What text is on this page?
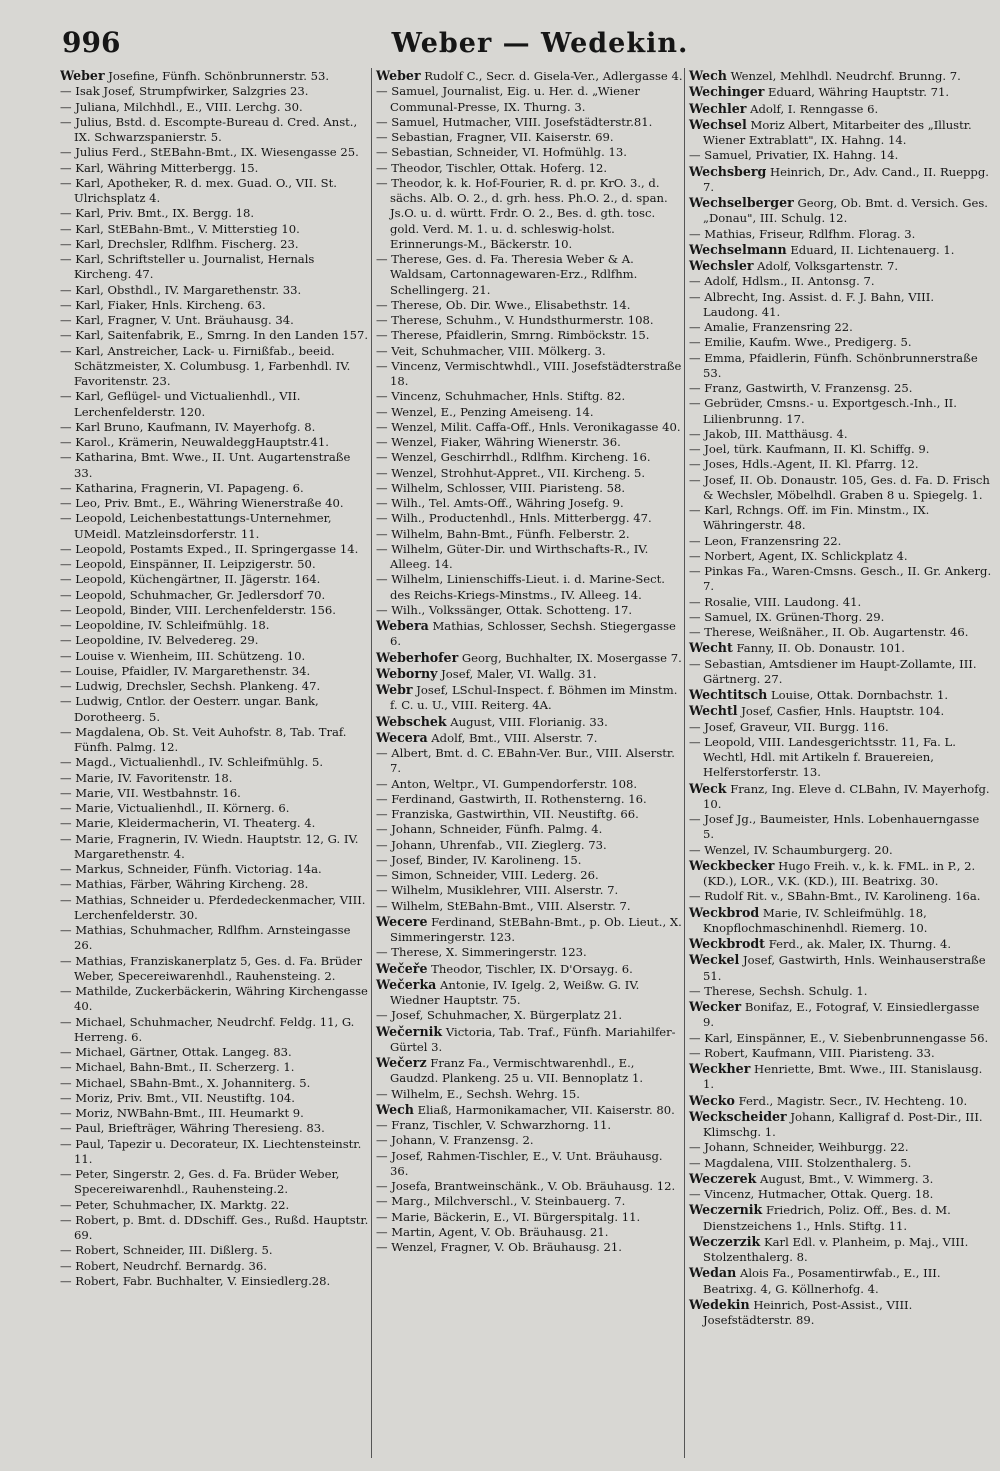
996	Weber — Wedekin.

Weber Josefine, Fünfh. Schönbrunnerstr. 53.

— Isak Josef, Strumpfwirker, Salzgries 23.

— Juliana, Milchhdl., E., VIII. Lerchg. 30.

— Julius, Bstd. d. Escompte-Bureau d. Cred. Anst., IX. Schwarzspanierstr. 5.

— Julius Ferd., StEBahn-Bmt., IX. Wiesengasse 25.

— Karl, Währing Mitterbergg. 15.

— Karl, Apotheker, R. d. mex. Guad. O., VII. St. Ulrichsplatz 4.

— Karl, Priv. Bmt., IX. Bergg. 18.

— Karl, StEBahn-Bmt., V. Mitterstieg 10.

— Karl, Drechsler, Rdlfhm. Fischerg. 23.

— Karl, Schriftsteller u. Journalist, Hernals Kircheng. 47.

— Karl, Obsthdl., IV. Margarethenstr. 33.

— Karl, Fiaker, Hnls. Kircheng. 63.

— Karl, Fragner, V. Unt. Bräuhausg. 34.

— Karl, Saitenfabrik, E., Smrng. In den Landen 157.

— Karl, Anstreicher, Lack- u. Firnißfab., beeid. Schätzmeister, X. Columbusg. 1, Farbenhdl. IV. Favoritenstr. 23.

— Karl, Geflügel- und Victualienhdl., VII. Lerchenfelderstr. 120.

— Karl Bruno, Kaufmann, IV. Mayerhofg. 8.

— Karol., Krämerin, NeuwaldeggHauptstr.41.

— Katharina, Bmt. Wwe., II. Unt. Augartenstraße 33.

— Katharina, Fragnerin, VI. Papageng. 6.

— Leo, Priv. Bmt., E., Währing Wienerstraße 40.

— Leopold, Leichenbestattungs-Unternehmer, UMeidl. Matzleinsdorferstr. 11.

— Leopold, Postamts Exped., II. Springergasse 14.

— Leopold, Einspänner, II. Leipzigerstr. 50.

— Leopold, Küchengärtner, II. Jägerstr. 164.

— Leopold, Schuhmacher, Gr. Jedlersdorf 70.

— Leopold, Binder, VIII. Lerchenfelderstr. 156.

— Leopoldine, IV. Schleifmühlg. 18.

— Leopoldine, IV. Belvedereg. 29.

— Louise v. Wienheim, III. Schützeng. 10.

— Louise, Pfaidler, IV. Margarethenstr. 34.

— Ludwig, Drechsler, Sechsh. Plankeng. 47.

— Ludwig, Cntlor. der Oesterr. ungar. Bank, Dorotheerg. 5.

— Magdalena, Ob. St. Veit Auhofstr. 8, Tab. Traf. Fünfh. Palmg. 12.

— Magd., Victualienhdl., IV. Schleifmühlg. 5.

— Marie, IV. Favoritenstr. 18.

— Marie, VII. Westbahnstr. 16.

— Marie, Victualienhdl., II. Körnerg. 6.

— Marie, Kleidermacherin, VI. Theaterg. 4.

— Marie, Fragnerin, IV. Wiedn. Hauptstr. 12, G. IV. Margarethenstr. 4.

— Markus, Schneider, Fünfh. Victoriag. 14a.

— Mathias, Färber, Währing Kircheng. 28.

— Mathias, Schneider u. Pferdedeckenmacher, VIII. Lerchenfelderstr. 30.

— Mathias, Schuhmacher, Rdlfhm. Arnsteingasse 26.

— Mathias, Franziskanerplatz 5, Ges. d. Fa. Brüder Weber, Specereiwarenhdl., Rauhensteing. 2.

— Mathilde, Zuckerbäckerin, Währing Kirchengasse 40.

— Michael, Schuhmacher, Neudrchf. Feldg. 11, G. Herreng. 6.

— Michael, Gärtner, Ottak. Langeg. 83.

— Michael, Bahn-Bmt., II. Scherzerg. 1.

— Michael, SBahn-Bmt., X. Johanniterg. 5.

— Moriz, Priv. Bmt., VII. Neustiftg. 104.

— Moriz, NWBahn-Bmt., III. Heumarkt 9.

— Paul, Briefträger, Währing Theresieng. 83.

— Paul, Tapezir u. Decorateur, IX. Liechtensteinstr. 11.

— Peter, Singerstr. 2, Ges. d. Fa. Brüder Weber, Specereiwarenhdl., Rauhensteing.2.

— Peter, Schuhmacher, IX. Marktg. 22.

— Robert, p. Bmt. d. DDschiff. Ges., Rußd. Hauptstr. 69.

— Robert, Schneider, III. Dißlerg. 5.

— Robert, Neudrchf. Bernardg. 36.

— Robert, Fabr. Buchhalter, V. Einsiedlerg.28.

Weber Rudolf C., Secr. d. Gisela-Ver., Adlergasse 4.

— Samuel, Journalist, Eig. u. Her. d. „Wiener Communal-Presse, IX. Thurng. 3.

— Samuel, Hutmacher, VIII. Josefstädterstr.81.

— Sebastian, Fragner, VII. Kaiserstr. 69.

— Sebastian, Schneider, VI. Hofmühlg. 13.

— Theodor, Tischler, Ottak. Hoferg. 12.

— Theodor, k. k. Hof-Fourier, R. d. pr. KrO. 3., d. sächs. Alb. O. 2., d. grh. hess. Ph.O. 2., d. span. Js.O. u. d. württ. Frdr. O. 2., Bes. d. gth. tosc. gold. Verd. M. 1. u. d. schleswig-holst. Erinnerungs-M., Bäckerstr. 10.

— Therese, Ges. d. Fa. Theresia Weber & A. Waldsam, Cartonnagewaren-Erz., Rdlfhm. Schellingerg. 21.

— Therese, Ob. Dir. Wwe., Elisabethstr. 14.

— Therese, Schuhm., V. Hundsthurmerstr. 108.

— Therese, Pfaidlerin, Smrng. Rimböckstr. 15.

— Veit, Schuhmacher, VIII. Mölkerg. 3.

— Vincenz, Vermischtwhdl., VIII. Josefstädterstraße 18.

— Vincenz, Schuhmacher, Hnls. Stiftg. 82.

— Wenzel, E., Penzing Ameiseng. 14.

— Wenzel, Milit. Caffa-Off., Hnls. Veronikagasse 40.

— Wenzel, Fiaker, Währing Wienerstr. 36.

— Wenzel, Geschirrhdl., Rdlfhm. Kircheng. 16.

— Wenzel, Strohhut-Appret., VII. Kircheng. 5.

— Wilhelm, Schlosser, VIII. Piaristeng. 58.

— Wilh., Tel. Amts-Off., Währing Josefg. 9.

— Wilh., Productenhdl., Hnls. Mitterbergg. 47.

— Wilhelm, Bahn-Bmt., Fünfh. Felberstr. 2.

— Wilhelm, Güter-Dir. und Wirthschafts-R., IV. Alleeg. 14.

— Wilhelm, Linienschiffs-Lieut. i. d. Marine-Sect. des Reichs-Kriegs-Minstms., IV. Alleeg. 14.

— Wilh., Volkssänger, Ottak. Schotteng. 17.

Webera Mathias, Schlosser, Sechsh. Stiegergasse 6.

Weberhofer Georg, Buchhalter, IX. Mosergasse 7.

Weborny Josef, Maler, VI. Wallg. 31.

Webr Josef, LSchul-Inspect. f. Böhmen im Minstm. f. C. u. U., VIII. Reiterg. 4A.

Webschek August, VIII. Florianig. 33.

Wecera Adolf, Bmt., VIII. Alserstr. 7.

— Albert, Bmt. d. C. EBahn-Ver. Bur., VIII. Alserstr. 7.

— Anton, Weltpr., VI. Gumpendorferstr. 108.

— Ferdinand, Gastwirth, II. Rothensterng. 16.

— Franziska, Gastwirthin, VII. Neustiftg. 66.

— Johann, Schneider, Fünfh. Palmg. 4.

— Johann, Uhrenfab., VII. Zieglerg. 73.

— Josef, Binder, IV. Karolineng. 15.

— Simon, Schneider, VIII. Lederg. 26.

— Wilhelm, Musiklehrer, VIII. Alserstr. 7.

— Wilhelm, StEBahn-Bmt., VIII. Alserstr. 7.

Wecere Ferdinand, StEBahn-Bmt., p. Ob. Lieut., X. Simmeringerstr. 123.

— Therese, X. Simmeringerstr. 123.

Wečeře Theodor, Tischler, IX. D'Orsayg. 6.

Wečerka Antonie, IV. Igelg. 2, Weißw. G. IV. Wiedner Hauptstr. 75.

— Josef, Schuhmacher, X. Bürgerplatz 21.

Wečernik Victoria, Tab. Traf., Fünfh. Mariahilfer-Gürtel 3.

Wečerz Franz Fa., Vermischtwarenhdl., E., Gaudzd. Plankeng. 25 u. VII. Bennoplatz 1.

— Wilhelm, E., Sechsh. Wehrg. 15.

Wech Eliaß, Harmonikamacher, VII. Kaiserstr. 80.

— Franz, Tischler, V. Schwarzhorng. 11.

— Johann, V. Franzensg. 2.

— Josef, Rahmen-Tischler, E., V. Unt. Bräuhausg. 36.

— Josefa, Brantweinschänk., V. Ob. Bräuhausg. 12.

— Marg., Milchverschl., V. Steinbauerg. 7.

— Marie, Bäckerin, E., VI. Bürgerspitalg. 11.

— Martin, Agent, V. Ob. Bräuhausg. 21.

— Wenzel, Fragner, V. Ob. Bräuhausg. 21.

Wech Wenzel, Mehlhdl. Neudrchf. Brunng. 7.

Wechinger Eduard, Währing Hauptstr. 71.

Wechler Adolf, I. Renngasse 6.

Wechsel Moriz Albert, Mitarbeiter des „Illustr. Wiener Extrablatt", IX. Hahng. 14.

— Samuel, Privatier, IX. Hahng. 14.

Wechsberg Heinrich, Dr., Adv. Cand., II. Rueppg. 7.

Wechselberger Georg, Ob. Bmt. d. Versich. Ges. „Donau", III. Schulg. 12.

— Mathias, Friseur, Rdlfhm. Florag. 3.

Wechselmann Eduard, II. Lichtenauerg. 1.

Wechsler Adolf, Volksgartenstr. 7.

— Adolf, Hdlsm., II. Antonsg. 7.

— Albrecht, Ing. Assist. d. F. J. Bahn, VIII. Laudong. 41.

— Amalie, Franzensring 22.

— Emilie, Kaufm. Wwe., Predigerg. 5.

— Emma, Pfaidlerin, Fünfh. Schönbrunnerstraße 53.

— Franz, Gastwirth, V. Franzensg. 25.

— Gebrüder, Cmsns.- u. Exportgesch.-Inh., II. Lilienbrunng. 17.

— Jakob, III. Matthäusg. 4.

— Joel, türk. Kaufmann, II. Kl. Schiffg. 9.

— Joses, Hdls.-Agent, II. Kl. Pfarrg. 12.

— Josef, II. Ob. Donaustr. 105, Ges. d. Fa. D. Frisch & Wechsler, Möbelhdl. Graben 8 u. Spiegelg. 1.

— Karl, Rchngs. Off. im Fin. Minstm., IX. Währingerstr. 48.

— Leon, Franzensring 22.

— Norbert, Agent, IX. Schlickplatz 4.

— Pinkas Fa., Waren-Cmsns. Gesch., II. Gr. Ankerg. 7.

— Rosalie, VIII. Laudong. 41.

— Samuel, IX. Grünen-Thorg. 29.

— Therese, Weißnäher., II. Ob. Augartenstr. 46.

Wecht Fanny, II. Ob. Donaustr. 101.

— Sebastian, Amtsdiener im Haupt-Zollamte, III. Gärtnerg. 27.

Wechtitsch Louise, Ottak. Dornbachstr. 1.

Wechtl Josef, Casfier, Hnls. Hauptstr. 104.

— Josef, Graveur, VII. Burgg. 116.

— Leopold, VIII. Landesgerichtsstr. 11, Fa. L. Wechtl, Hdl. mit Artikeln f. Brauereien, Helferstorferstr. 13.

Weck Franz, Ing. Eleve d. CLBahn, IV. Mayerhofg. 10.

— Josef Jg., Baumeister, Hnls. Lobenhauerngasse 5.

— Wenzel, IV. Schaumburgerg. 20.

Weckbecker Hugo Freih. v., k. k. FML. in P., 2. (KD.), LOR., V.K. (KD.), III. Beatrixg. 30.

— Rudolf Rit. v., SBahn-Bmt., IV. Karolineng. 16a.

Weckbrod Marie, IV. Schleifmühlg. 18, Knopflochmaschinenhdl. Riemerg. 10.

Weckbrodt Ferd., ak. Maler, IX. Thurng. 4.

Weckel Josef, Gastwirth, Hnls. Weinhauserstraße 51.

— Therese, Sechsh. Schulg. 1.

Wecker Bonifaz, E., Fotograf, V. Einsiedlergasse 9.

— Karl, Einspänner, E., V. Siebenbrunnengasse 56.

— Robert, Kaufmann, VIII. Piaristeng. 33.

Weckher Henriette, Bmt. Wwe., III. Stanislausg. 1.

Wecko Ferd., Magistr. Secr., IV. Hechteng. 10.

Weckscheider Johann, Kalligraf d. Post-Dir., III. Klimschg. 1.

— Johann, Schneider, Weihburgg. 22.

— Magdalena, VIII. Stolzenthalerg. 5.

Weczerek August, Bmt., V. Wimmerg. 3.

— Vincenz, Hutmacher, Ottak. Querg. 18.

Weczernik Friedrich, Poliz. Off., Bes. d. M. Dienstzeichens 1., Hnls. Stiftg. 11.

Weczerzik Karl Edl. v. Planheim, p. Maj., VIII. Stolzenthalerg. 8.

Wedan Alois Fa., Posamentirwfab., E., III. Beatrixg. 4, G. Köllnerhofg. 4.

Wedekin Heinrich, Post-Assist., VIII. Josefstädterstr. 89.
